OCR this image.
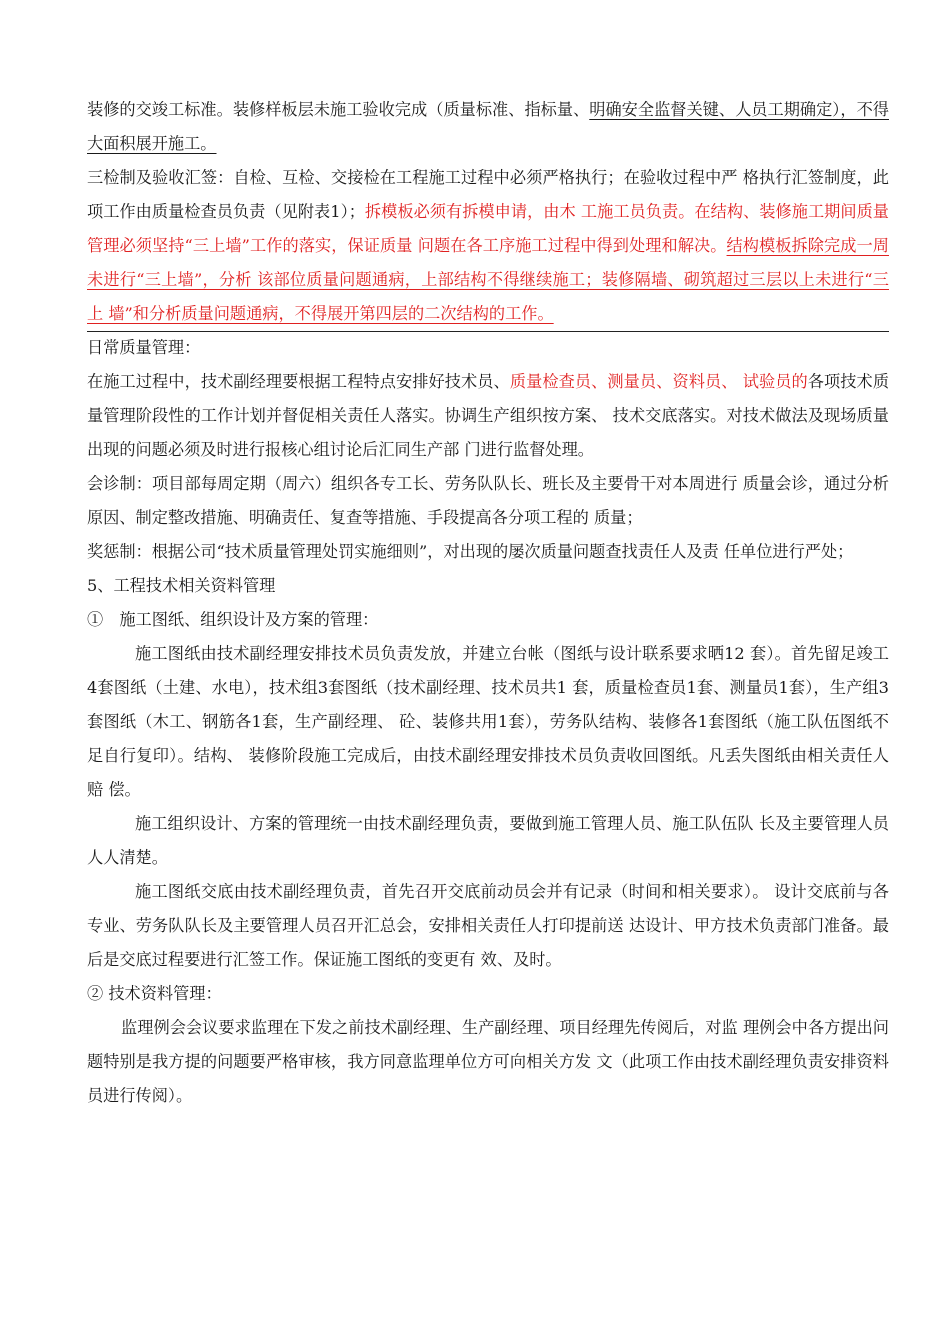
装修的交竣工标准。装修样板层未施工验收完成（质量标准、指标量、明确安全监督关键、人员工期确定），不得大面积展开施工。

三检制及验收汇签：自检、互检、交接检在工程施工过程中必须严格执行；在验收过程中严 格执行汇签制度，此项工作由质量检查员负责（见附表1）；拆模板必须有拆模申请，由木 工施工员负责。在结构、装修施工期间质量管理必须坚持“三上墙”工作的落实，保证质量 问题在各工序施工过程中得到处理和解决。结构模板拆除完成一周未进行“三上墙”，分析 该部位质量问题通病，上部结构不得继续施工；装修隔墙、砌筑超过三层以上未进行“三上 墙”和分析质量问题通病，不得展开第四层的二次结构的工作。

日常质量管理：

在施工过程中，技术副经理要根据工程特点安排好技术员、质量检查员、测量员、资料员、 试验员的各项技术质量管理阶段性的工作计划并督促相关责任人落实。协调生产组织按方案、 技术交底落实。对技术做法及现场质量出现的问题必须及时进行报核心组讨论后汇同生产部 门进行监督处理。

会诊制：项目部每周定期（周六）组织各专工长、劳务队队长、班长及主要骨干对本周进行 质量会诊，通过分析原因、制定整改措施、明确责任、复查等措施、手段提高各分项工程的 质量；

奖惩制：根据公司“技术质量管理处罚实施细则”，对出现的屡次质量问题查找责任人及责 任单位进行严处；

5、工程技术相关资料管理

①　施工图纸、组织设计及方案的管理：

施工图纸由技术副经理安排技术员负责发放，并建立台帐（图纸与设计联系要求晒12 套）。首先留足竣工4套图纸（土建、水电），技术组3套图纸（技术副经理、技术员共1 套，质量检查员1套、测量员1套），生产组3套图纸（木工、钢筋各1套，生产副经理、 砼、装修共用1套），劳务队结构、装修各1套图纸（施工队伍图纸不足自行复印）。结构、 装修阶段施工完成后，由技术副经理安排技术员负责收回图纸。凡丢失图纸由相关责任人赔 偿。

施工组织设计、方案的管理统一由技术副经理负责，要做到施工管理人员、施工队伍队 长及主要管理人员人人清楚。

施工图纸交底由技术副经理负责，首先召开交底前动员会并有记录（时间和相关要求）。 设计交底前与各专业、劳务队队长及主要管理人员召开汇总会，安排相关责任人打印提前送 达设计、甲方技术负责部门准备。最后是交底过程要进行汇签工作。保证施工图纸的变更有 效、及时。

② 技术资料管理：

监理例会会议要求监理在下发之前技术副经理、生产副经理、项目经理先传阅后，对监 理例会中各方提出问题特别是我方提的问题要严格审核，我方同意监理单位方可向相关方发 文（此项工作由技术副经理负责安排资料员进行传阅）。
